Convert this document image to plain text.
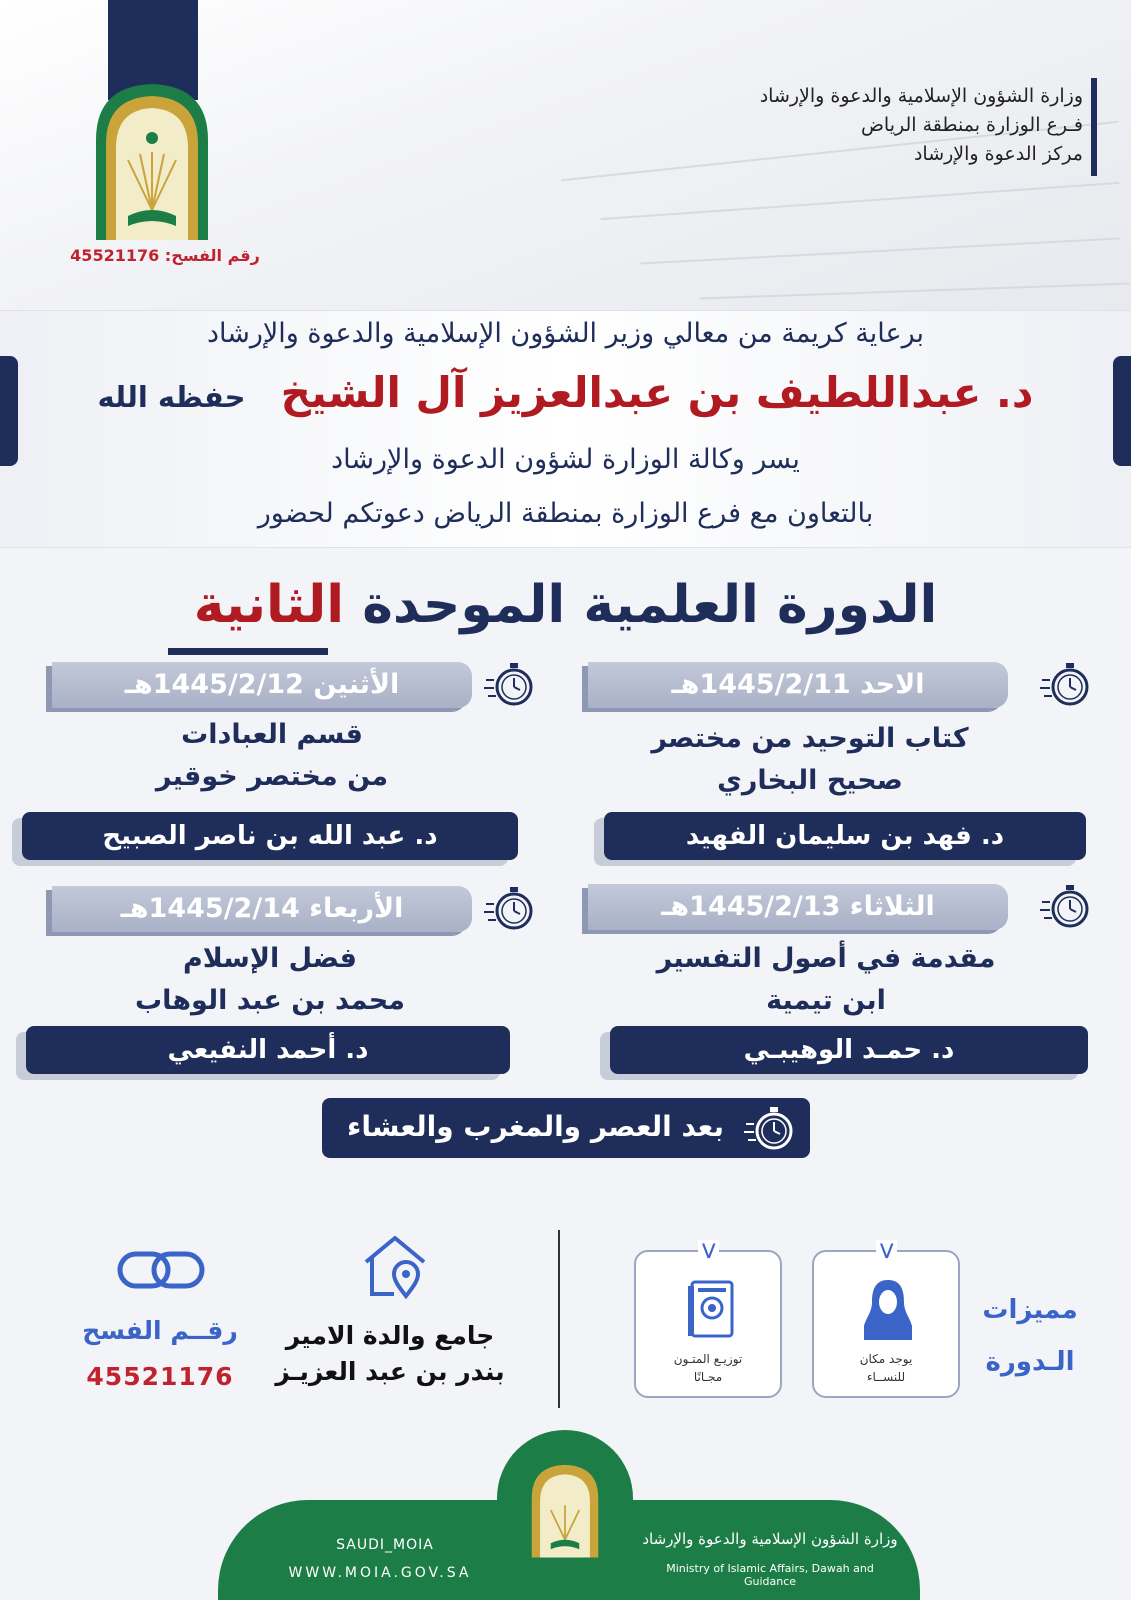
رقم الفسح: 45521176
وزارة الشؤون الإسلامية والدعوة والإرشاد
فـرع الوزارة بمنطقة الرياض
مركز الدعوة والإرشاد
برعاية كريمة من معالي وزير الشؤون الإسلامية والدعوة والإرشاد
د. عبداللطيف بن عبدالعزيز آل الشيخ حفظه الله
يسر وكالة الوزارة لشؤون الدعوة والإرشاد
بالتعاون مع فرع الوزارة بمنطقة الرياض دعوتكم لحضور
الدورة العلمية الموحدة الثانية
الاحد 1445/2/11هـ
كتاب التوحيد من مختصر
صحيح البخاري
د. فهد بن سليمان الفهيد
الأثنين 1445/2/12هـ
قسم العبادات
من مختصر خوقير
د. عبد الله بن ناصر الصبيح
الثلاثاء 1445/2/13هـ
مقدمة في أصول التفسير
ابن تيمية
د. حمـد الوهيبـي
الأربعاء 1445/2/14هـ
فضل الإسلام
محمد بن عبد الوهاب
د. أحمد النفيعي
بعد العصر والمغرب والعشاء
مميزات
الـدورة
⋁
يوجد مكان
للنســاء
⋁
توزيـع المتـون
مجـانًا
جامع والدة الامير
بندر بن عبد العزيـز
رقــم الفسح
45521176
SAUDI_MOIA
WWW.MOIA.GOV.SA
وزارة الشؤون الإسلامية والدعوة والإرشاد
Ministry of Islamic Affairs, Dawah and Guidance
